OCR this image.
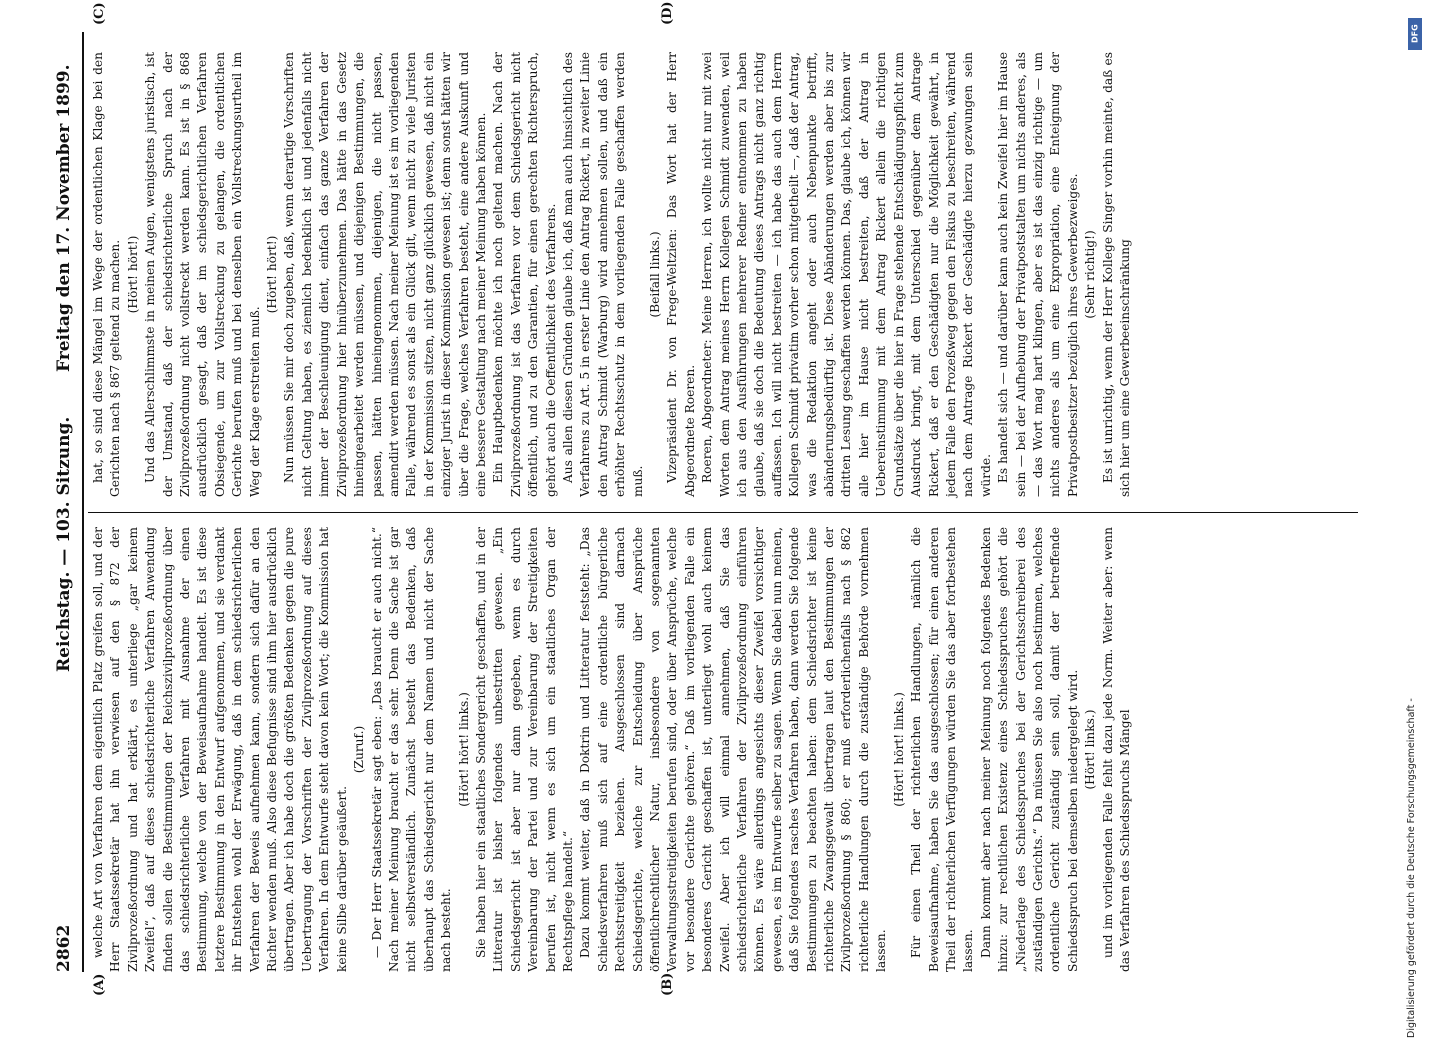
2862
Reichstag. — 103. Sitzung.
Freitag den 17. November 1899.
(A)	(B)
(C)	(D)

welche Art von Verfahren dem eigentlich Platz greifen soll, und der Herr Staatssekretär hat ihn verwiesen auf den § 872 der Zivilprozeßordnung und hat erklärt, es unterliege „gar keinem Zweifel“, daß auf dieses schiedsrichterliche Verfahren Anwendung finden sollen die Bestimmungen der Reichszivilprozeßordnung über das schiedsrichterliche Verfahren mit Ausnahme der einen Bestimmung, welche von der Beweisaufnahme handelt. Es ist diese letztere Bestimmung in den Entwurf aufgenommen, und sie verdankt ihr Entstehen wohl der Erwägung, daß in dem schiedsrichterlichen Verfahren der Beweis aufnehmen kann, sondern sich dafür an den Richter wenden muß. Also diese Befugnisse sind ihm hier ausdrücklich übertragen. Aber ich habe doch die größten Bedenken gegen die pure Uebertragung der Vorschriften der Zivilprozeßordnung auf dieses Verfahren. In dem Entwurfe steht davon kein Wort; die Kommission hat keine Silbe darüber geäußert.

(Zuruf.) — Der Herr Staatssekretär sagt eben: „Das braucht er auch nicht.“ Nach meiner Meinung braucht er das sehr. Denn die Sache ist gar nicht selbstverständlich. Zunächst besteht das Bedenken, daß überhaupt das Schiedsgericht nur dem Namen und nicht der Sache nach besteht.

(Hört! hört! links.) Sie haben hier ein staatliches Sondergericht geschaffen, und in der Litteratur ist bisher folgendes unbestritten gewesen. „Ein Schiedsgericht ist aber nur dann gegeben, wenn es durch Vereinbarung der Partei und zur Vereinbarung der Streitigkeiten berufen ist, nicht wenn es sich um ein staatliches Organ der Rechtspflege handelt.“ Dazu kommt weiter, daß in Doktrin und Litteratur feststeht: „Das Schiedsverfahren muß sich auf eine ordentliche bürgerliche Rechtsstreitigkeit beziehen. Ausgeschlossen sind darnach Schiedsgerichte, welche zur Entscheidung über Ansprüche öffentlichrechtlicher Natur, insbesondere von sogenannten Verwaltungsstreitigkeiten berufen sind, oder über Ansprüche, welche vor besondere Gerichte gehören.“ Daß im vorliegenden Falle ein besonderes Gericht geschaffen ist, unterliegt wohl auch keinem Zweifel. Aber ich will einmal annehmen, daß Sie das schiedsrichterliche Verfahren der Zivilprozeßordnung einführen können. Es wäre allerdings angesichts dieser Zweifel vorsichtiger gewesen, es im Entwurfe selber zu sagen. Wenn Sie dabei nun meinen, daß Sie folgendes rasches Verfahren haben, dann werden Sie folgende Bestimmungen zu beachten haben: dem Schiedsrichter ist keine richterliche Zwangsgewalt übertragen laut den Bestimmungen der Zivilprozeßordnung § 860; er muß erforderlichenfalls nach § 862 richterliche Handlungen durch die zuständige Behörde vornehmen lassen.

(Hört! hört! links.) Für einen Theil der richterlichen Handlungen, nämlich die Beweisaufnahme, haben Sie das ausgeschlossen; für einen anderen Theil der richterlichen Verfügungen würden Sie das aber fortbestehen lassen. Dann kommt aber nach meiner Meinung noch folgendes Bedenken hinzu: zur rechtlichen Existenz eines Schiedsspruches gehört die „Niederlage des Schiedsspruches bei der Gerichtsschreiberei des zuständigen Gerichts.“ Da müssen Sie also noch bestimmen, welches ordentliche Gericht zuständig sein soll, damit der betreffende Schiedsspruch bei demselben niedergelegt wird. (Hört! links.) und im vorliegenden Falle fehlt dazu jede Norm. Weiter aber: wenn das Verfahren des Schiedsspruchs Mängel

hat, so sind diese Mängel im Wege der ordentlichen Klage bei den Gerichten nach § 867 geltend zu machen. (Hört! hört!) Und das Allerschlimmste in meinen Augen, wenigstens juristisch, ist der Umstand, daß der schiedsrichterliche Spruch nach der Zivilprozeßordnung nicht vollstreckt werden kann. Es ist in § 868 ausdrücklich gesagt, daß der im schiedsgerichtlichen Verfahren Obsiegende, um zur Vollstreckung zu gelangen, die ordentlichen Gerichte berufen muß und bei denselben ein Vollstreckungsurtheil im Weg der Klage erstreiten muß.

(Hört! hört!) Nun müssen Sie mir doch zugeben, daß, wenn derartige Vorschriften nicht Geltung haben, es ziemlich bedenklich ist und jedenfalls nicht immer der Beschleunigung dient, einfach das ganze Verfahren der Zivilprozeßordnung hier hinüberzunehmen. Das hätte in das Gesetz hineingearbeitet werden müssen, und diejenigen Bestimmungen, die passen, hätten hineingenommen, diejenigen, die nicht passen, amendirt werden müssen. Nach meiner Meinung ist es im vorliegenden Falle, während es sonst als ein Glück gilt, wenn nicht zu viele Juristen in der Kommission sitzen, nicht ganz glücklich gewesen, daß nicht ein einziger Jurist in dieser Kommission gewesen ist; denn sonst hätten wir über die Frage, welches Verfahren besteht, eine andere Auskunft und eine bessere Gestaltung nach meiner Meinung haben können. Ein Hauptbedenken möchte ich noch geltend machen. Nach der Zivilprozeßordnung ist das Verfahren vor dem Schiedsgericht nicht öffentlich, und zu den Garantien, für einen gerechten Richterspruch, gehört auch die Oeffentlichkeit des Verfahrens. Aus allen diesen Gründen glaube ich, daß man auch hinsichtlich des Verfahrens zu Art. 5 in erster Linie den Antrag Rickert, in zweiter Linie den Antrag Schmidt (Warburg) wird annehmen sollen, und daß ein erhöhter Rechtsschutz in dem vorliegenden Falle geschaffen werden muß.

(Beifall links.) Vizepräsident Dr. von Frege-Weltzien: Das Wort hat der Herr Abgeordnete Roeren. Roeren, Abgeordneter: Meine Herren, ich wollte nicht nur mit zwei Worten dem Antrag meines Herrn Kollegen Schmidt zuwenden, weil ich aus den Ausführungen mehrerer Redner entnommen zu haben glaube, daß sie doch die Bedeutung dieses Antrags nicht ganz richtig auffassen. Ich will nicht bestreiten — ich habe das auch dem Herrn Kollegen Schmidt privatim vorher schon mitgetheilt —, daß der Antrag, was die Redaktion angeht oder auch Nebenpunkte betrifft, abänderungsbedürftig ist. Diese Abänderungen werden aber bis zur dritten Lesung geschaffen werden können. Das, glaube ich, können wir alle hier im Hause nicht bestreiten, daß der Antrag in Uebereinstimmung mit dem Antrag Rickert allein die richtigen Grundsätze über die hier in Frage stehende Entschädigungspflicht zum Ausdruck bringt, mit dem Unterschied gegenüber dem Antrage Rickert, daß er den Geschädigten nur die Möglichkeit gewährt, in jedem Falle den Prozeßweg gegen den Fiskus zu beschreiten, während nach dem Antrage Rickert der Geschädigte hierzu gezwungen sein würde. Es handelt sich — und darüber kann auch kein Zweifel hier im Hause sein — bei der Aufhebung der Privatpoststalten um nichts anderes, als — das Wort mag hart klingen, aber es ist das einzig richtige — um nichts anderes als um eine Expropriation, eine Enteignung der Privatpostbesitzer bezüglich ihres Gewerbezweiges. (Sehr richtig!) Es ist unrichtig, wenn der Herr Kollege Singer vorhin meinte, daß es sich hier um eine Gewerbeeinschränkung

DFG
Digitalisierung gefördert durch die Deutsche Forschungsgemeinschaft -
